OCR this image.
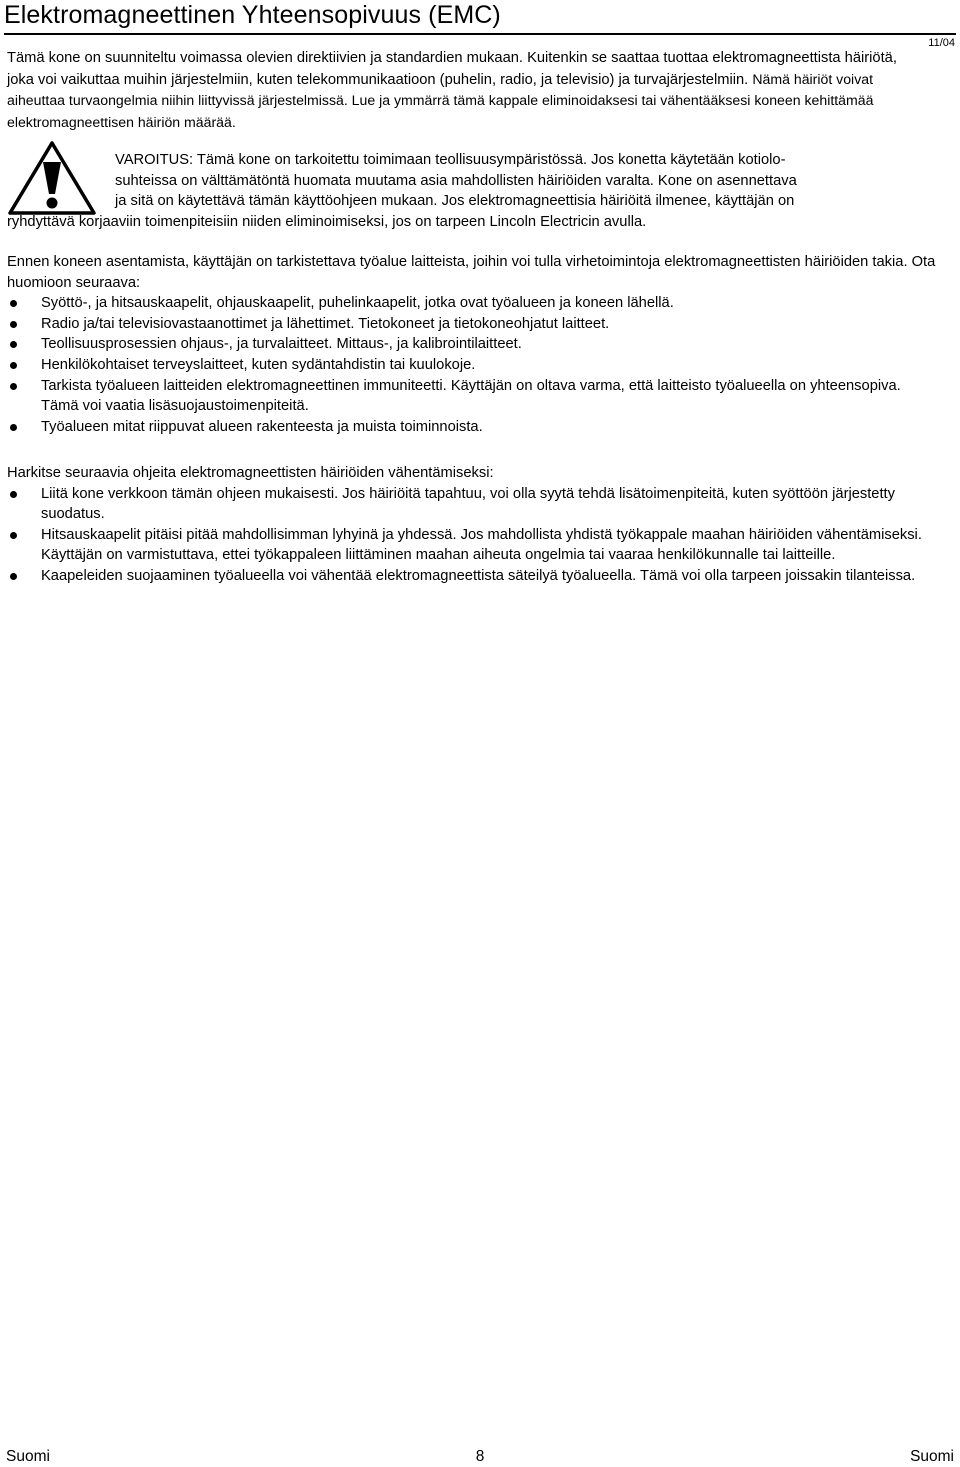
Elektromagneettinen Yhteensopivuus (EMC)
11/04

Tämä kone on suunniteltu voimassa olevien direktiivien ja standardien mukaan. Kuitenkin se saattaa tuottaa elektromagneettista häiriötä, joka voi vaikuttaa muihin järjestelmiin, kuten telekommunikaatioon (puhelin, radio, ja televisio) ja turvajärjestelmiin. Nämä häiriöt voivat aiheuttaa turvaongelmia niihin liittyvissä järjestelmissä. Lue ja ymmärrä tämä kappale eliminoidaksesi tai vähentääksesi koneen kehittämää elektromagneettisen häiriön määrää.

VAROITUS: Tämä kone on tarkoitettu toimimaan teollisuusympäristössä. Jos konetta käytetään kotiolo-
suhteissa on välttämätöntä huomata muutama asia mahdollisten häiriöiden varalta. Kone on asennettava
ja sitä on käytettävä tämän käyttöohjeen mukaan. Jos elektromagneettisia häiriöitä ilmenee, käyttäjän on
ryhdyttävä korjaaviin toimenpiteisiin niiden eliminoimiseksi, jos on tarpeen Lincoln Electricin avulla.

Ennen koneen asentamista, käyttäjän on tarkistettava työalue laitteista, joihin voi tulla virhetoimintoja elektromagneettisten häiriöiden takia. Ota huomioon seuraava:
Syöttö-, ja hitsauskaapelit, ohjauskaapelit, puhelinkaapelit, jotka ovat työalueen ja koneen lähellä.
Radio ja/tai televisiovastaanottimet ja lähettimet. Tietokoneet ja tietokoneohjatut laitteet.
Teollisuusprosessien ohjaus-, ja turvalaitteet. Mittaus-, ja kalibrointilaitteet.
Henkilökohtaiset terveyslaitteet, kuten sydäntahdistin tai kuulokoje.
Tarkista työalueen laitteiden elektromagneettinen immuniteetti. Käyttäjän on oltava varma, että laitteisto työalueella on yhteensopiva. Tämä voi vaatia lisäsuojaustoimenpiteitä.
Työalueen mitat riippuvat alueen rakenteesta ja muista toiminnoista.
Harkitse seuraavia ohjeita elektromagneettisten häiriöiden vähentämiseksi:
Liitä kone verkkoon tämän ohjeen mukaisesti. Jos häiriöitä tapahtuu, voi olla syytä tehdä lisätoimenpiteitä, kuten syöttöön järjestetty suodatus.
Hitsauskaapelit pitäisi pitää mahdollisimman lyhyinä ja yhdessä. Jos mahdollista yhdistä työkappale maahan häiriöiden vähentämiseksi. Käyttäjän on varmistuttava, ettei työkappaleen liittäminen maahan aiheuta ongelmia tai vaaraa henkilökunnalle tai laitteille.
Kaapeleiden suojaaminen työalueella voi vähentää elektromagneettista säteilyä työalueella. Tämä voi olla tarpeen joissakin tilanteissa.
Suomi	8	Suomi
